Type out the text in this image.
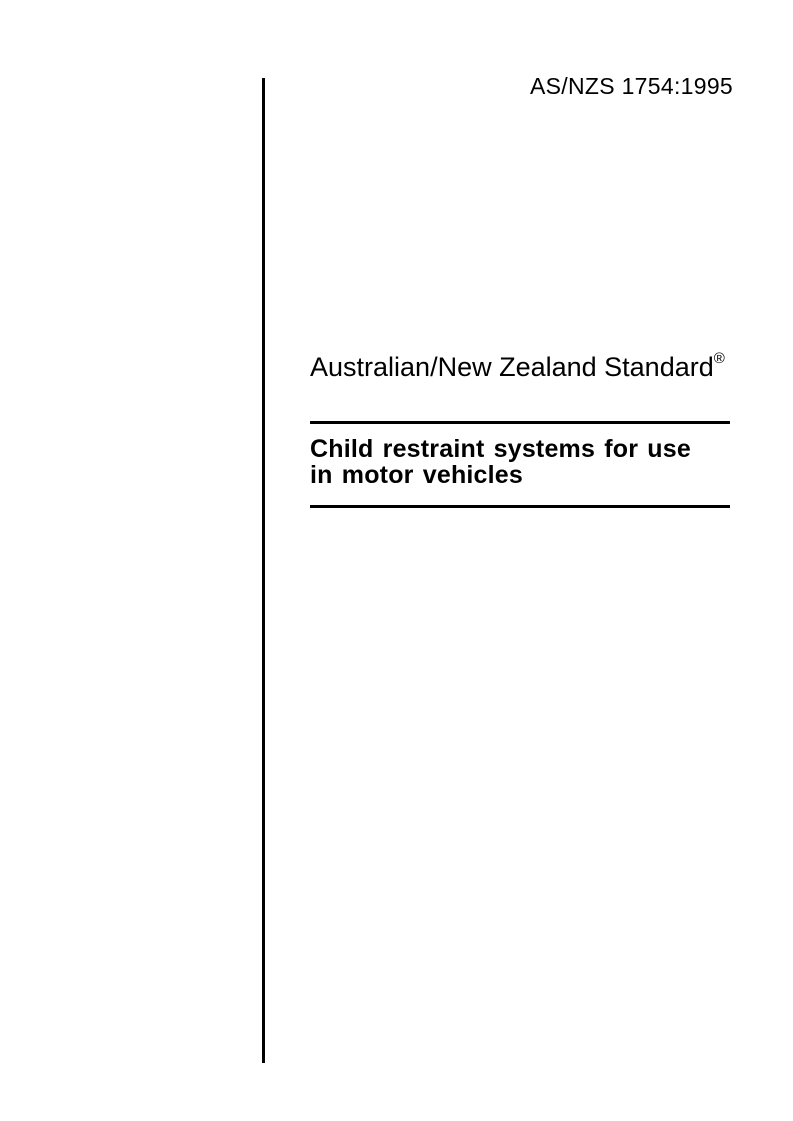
AS/NZS 1754:1995
Australian/New Zealand Standard®
Child restraint systems for use
in motor vehicles
